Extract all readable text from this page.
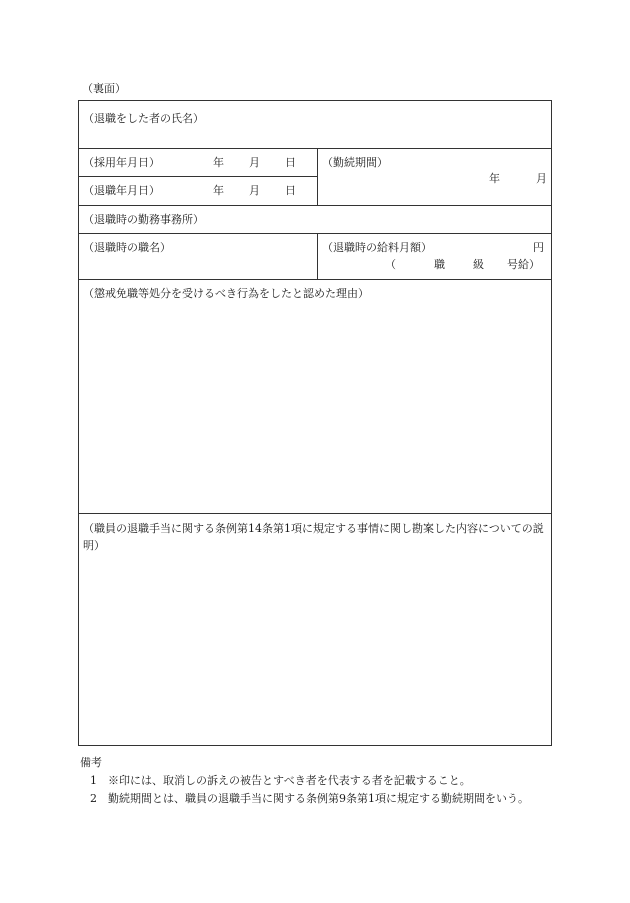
（裏面）
（退職をした者の氏名）
（採用年月日）	年 月 日
（退職年月日）	年 月 日
（勤続期間）
年	月
（退職時の勤務事務所）
（退職時の職名）	（退職時の給料月額）	円
（	職	級 号給）
（懲戒免職等処分を受けるべき行為をしたと認めた理由）
（職員の退職手当に関する条例第14条第1項に規定する事情に関し勘案した内容についての説明）
備考
1 ※印には、取消しの訴えの被告とすべき者を代表する者を記載すること。
2 勤続期間とは、職員の退職手当に関する条例第9条第1項に規定する勤続期間をいう。
